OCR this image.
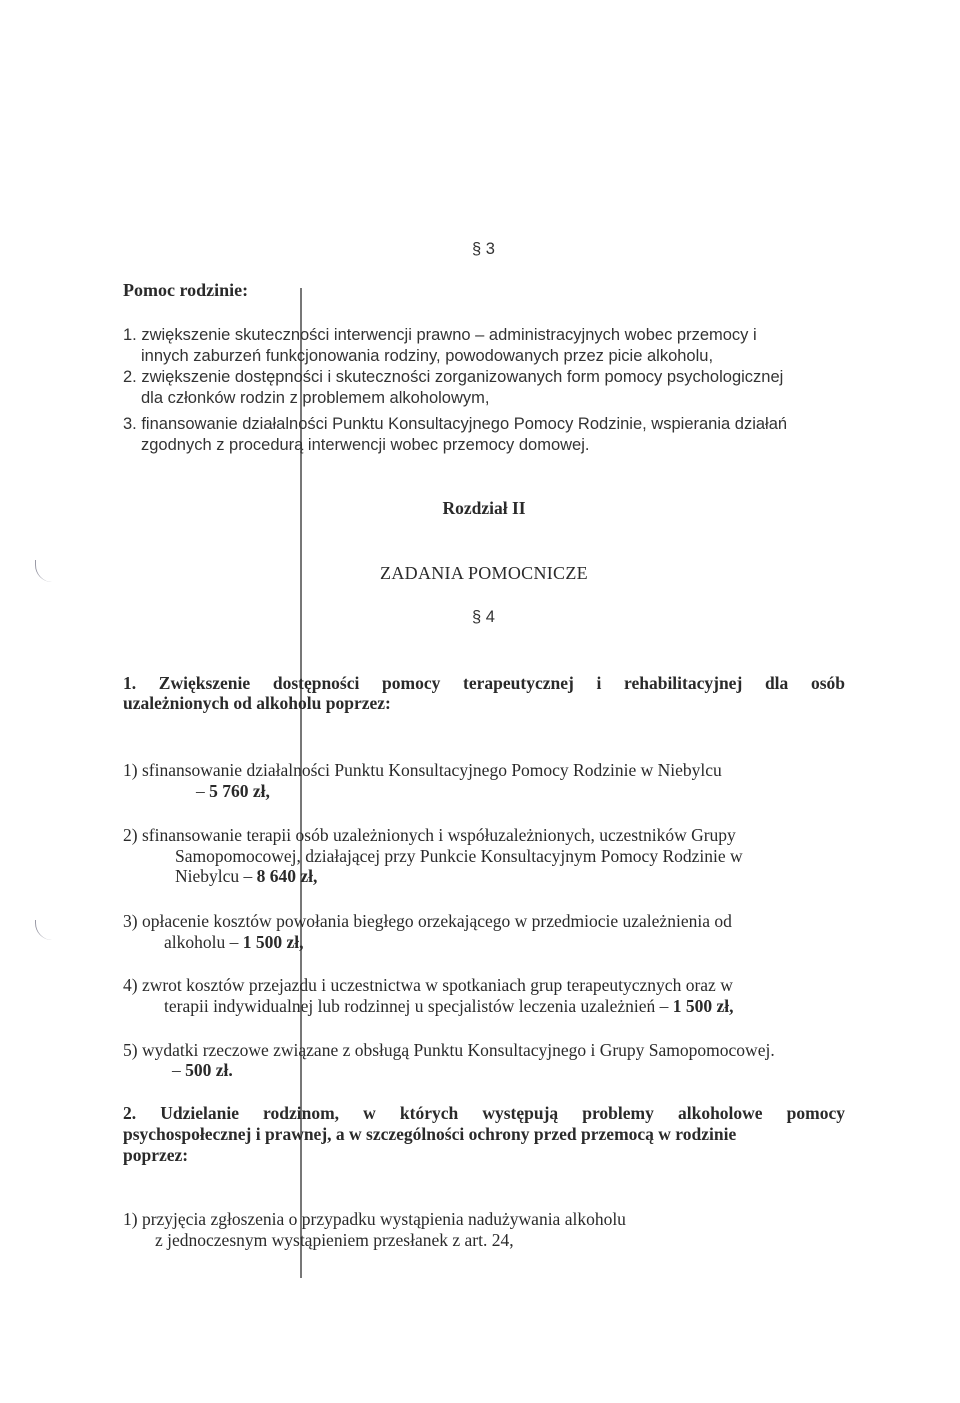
§ 3
Pomoc rodzinie:
1. zwiększenie skuteczności interwencji prawno – administracyjnych wobec przemocy i
innych zaburzeń funkcjonowania rodziny, powodowanych przez picie alkoholu,
2. zwiększenie dostępności i skuteczności zorganizowanych form pomocy psychologicznej
dla członków rodzin z problemem alkoholowym,
3. finansowanie działalności Punktu Konsultacyjnego Pomocy Rodzinie, wspierania działań
zgodnych z procedurą interwencji wobec przemocy domowej.
Rozdział II
ZADANIA POMOCNICZE
§ 4
1. Zwiększenie dostępności pomocy terapeutycznej i rehabilitacyjnej dla osób
uzależnionych od alkoholu poprzez:
1) sfinansowanie działalności Punktu Konsultacyjnego Pomocy Rodzinie w Niebylcu
– 5 760 zł,
2) sfinansowanie terapii osób uzależnionych i współuzależnionych, uczestników Grupy
Samopomocowej, działającej przy Punkcie Konsultacyjnym Pomocy Rodzinie w
Niebylcu – 8 640 zł,
3) opłacenie kosztów powołania biegłego orzekającego w przedmiocie uzależnienia od
alkoholu – 1 500 zł,
4) zwrot kosztów przejazdu i uczestnictwa w spotkaniach grup terapeutycznych oraz w
terapii indywidualnej lub rodzinnej u specjalistów leczenia uzależnień – 1 500 zł,
5) wydatki rzeczowe związane z obsługą Punktu Konsultacyjnego i Grupy Samopomocowej.
– 500 zł.
2. Udzielanie rodzinom, w których występują problemy alkoholowe pomocy
psychospołecznej i prawnej, a w szczególności ochrony przed przemocą w rodzinie
poprzez:
1) przyjęcia zgłoszenia o przypadku wystąpienia nadużywania alkoholu
z jednoczesnym wystąpieniem przesłanek z art. 24,
